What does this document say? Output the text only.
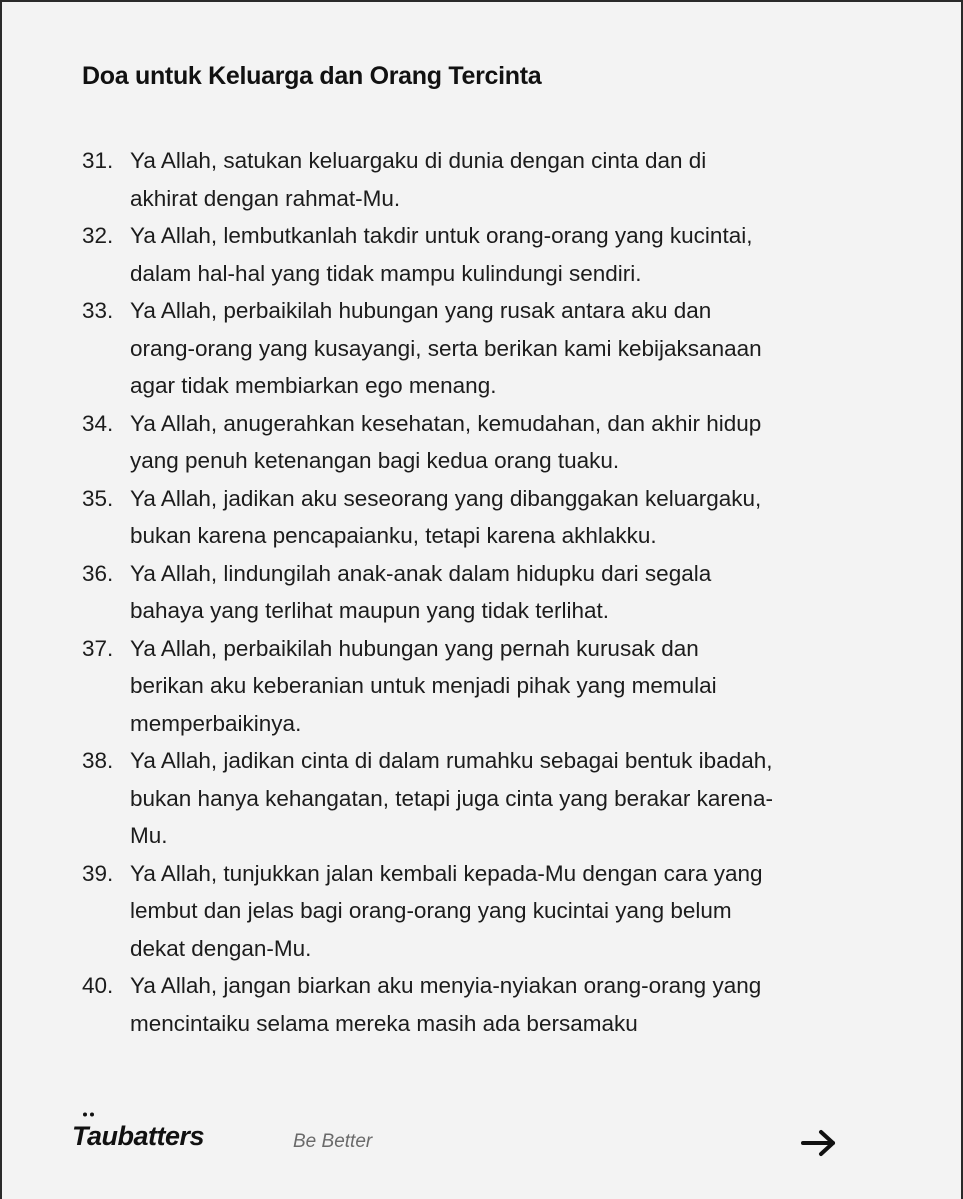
Doa untuk Keluarga dan Orang Tercinta
31. Ya Allah, satukan keluargaku di dunia dengan cinta dan di
akhirat dengan rahmat-Mu.
32. Ya Allah, lembutkanlah takdir untuk orang-orang yang kucintai,
dalam hal-hal yang tidak mampu kulindungi sendiri.
33. Ya Allah, perbaikilah hubungan yang rusak antara aku dan
orang-orang yang kusayangi, serta berikan kami kebijaksanaan
agar tidak membiarkan ego menang.
34. Ya Allah, anugerahkan kesehatan, kemudahan, dan akhir hidup
yang penuh ketenangan bagi kedua orang tuaku.
35. Ya Allah, jadikan aku seseorang yang dibanggakan keluargaku,
bukan karena pencapaianku, tetapi karena akhlakku.
36. Ya Allah, lindungilah anak-anak dalam hidupku dari segala
bahaya yang terlihat maupun yang tidak terlihat.
37. Ya Allah, perbaikilah hubungan yang pernah kurusak dan
berikan aku keberanian untuk menjadi pihak yang memulai
memperbaikinya.
38. Ya Allah, jadikan cinta di dalam rumahku sebagai bentuk ibadah,
bukan hanya kehangatan, tetapi juga cinta yang berakar karena-
Mu.
39. Ya Allah, tunjukkan jalan kembali kepada-Mu dengan cara yang
lembut dan jelas bagi orang-orang yang kucintai yang belum
dekat dengan-Mu.
40. Ya Allah, jangan biarkan aku menyia-nyiakan orang-orang yang
mencintaiku selama mereka masih ada bersamaku
Taubatters	Be Better
